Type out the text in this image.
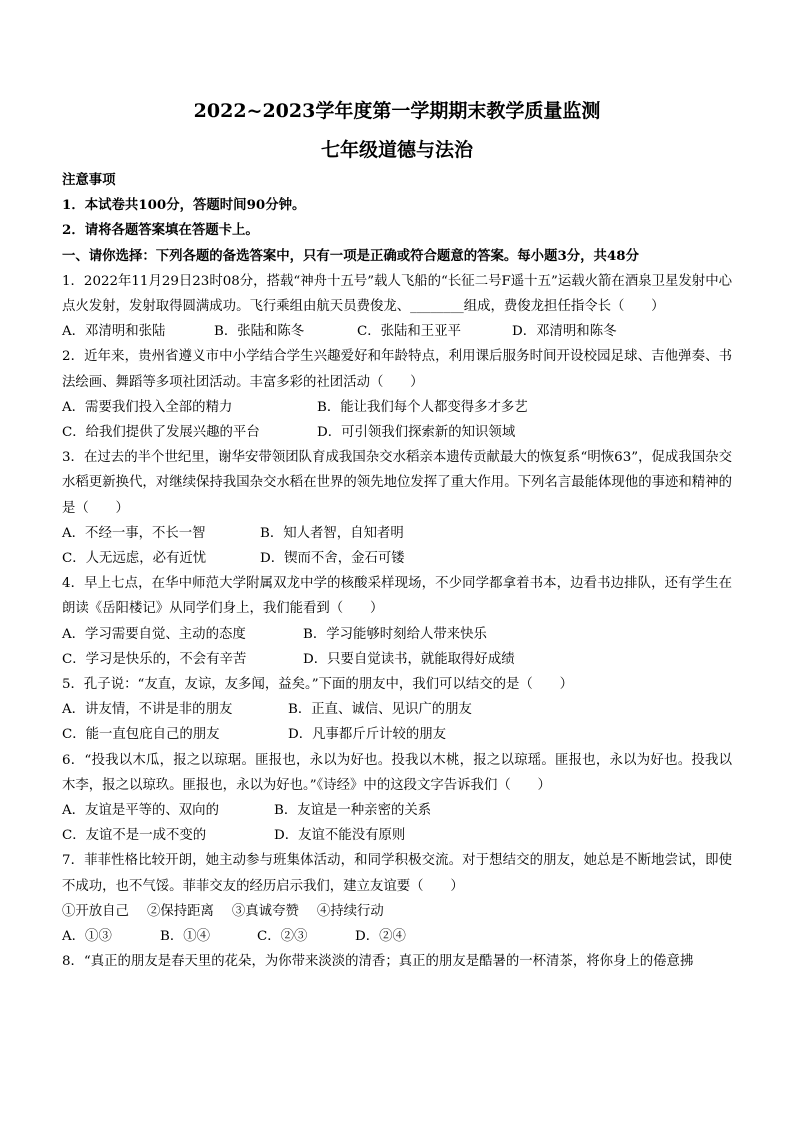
2022~2023学年度第一学期期末教学质量监测
七年级道德与法治
注意事项
1．本试卷共100分，答题时间90分钟。
2．请将各题答案填在答题卡上。
一、请你选择：下列各题的备选答案中，只有一项是正确或符合题意的答案。每小题3分，共48分
1．2022年11月29日23时08分，搭载“神舟十五号”载人飞船的“长征二号F遥十五”运载火箭在酒泉卫星发射中心点火发射，发射取得圆满成功。飞行乘组由航天员费俊龙、________组成，费俊龙担任指令长（　　）
A．邓清明和张陆	B．张陆和陈冬	C．张陆和王亚平	D．邓清明和陈冬
2．近年来，贵州省遵义市中小学结合学生兴趣爱好和年龄特点，利用课后服务时间开设校园足球、吉他弹奏、书法绘画、舞蹈等多项社团活动。丰富多彩的社团活动（　　）
A．需要我们投入全部的精力	B．能让我们每个人都变得多才多艺
C．给我们提供了发展兴趣的平台	D．可引领我们探索新的知识领域
3．在过去的半个世纪里，谢华安带领团队育成我国杂交水稻亲本遗传贡献最大的恢复系“明恢63”，促成我国杂交水稻更新换代，对继续保持我国杂交水稻在世界的领先地位发挥了重大作用。下列名言最能体现他的事迹和精神的是（　　）
A．不经一事，不长一智	B．知人者智，自知者明
C．人无远虑，必有近忧	D．锲而不舍，金石可镂
4．早上七点，在华中师范大学附属双龙中学的核酸采样现场，不少同学都拿着书本，边看书边排队，还有学生在朗读《岳阳楼记》从同学们身上，我们能看到（　　）
A．学习需要自觉、主动的态度	B．学习能够时刻给人带来快乐
C．学习是快乐的，不会有辛苦	D．只要自觉读书，就能取得好成绩
5．孔子说：“友直，友谅，友多闻，益矣。”下面的朋友中，我们可以结交的是（　　）
A．讲友情，不讲是非的朋友	B．正直、诚信、见识广的朋友
C．能一直包庇自己的朋友	D．凡事都斤斤计较的朋友
6．“投我以木瓜，报之以琼琚。匪报也，永以为好也。投我以木桃，报之以琼瑶。匪报也，永以为好也。投我以木李，报之以琼玖。匪报也，永以为好也。”《诗经》中的这段文字告诉我们（　　）
A．友谊是平等的、双向的	B．友谊是一种亲密的关系
C．友谊不是一成不变的	D．友谊不能没有原则
7．菲菲性格比较开朗，她主动参与班集体活动，和同学积极交流。对于想结交的朋友，她总是不断地尝试，即使不成功，也不气馁。菲菲交友的经历启示我们，建立友谊要（　　）
①开放自己 ②保持距离 ③真诚夸赞 ④持续行动
A．①③	B．①④	C．②③	D．②④
8．“真正的朋友是春天里的花朵，为你带来淡淡的清香；真正的朋友是酷暑的一杯清茶，将你身上的倦意拂
